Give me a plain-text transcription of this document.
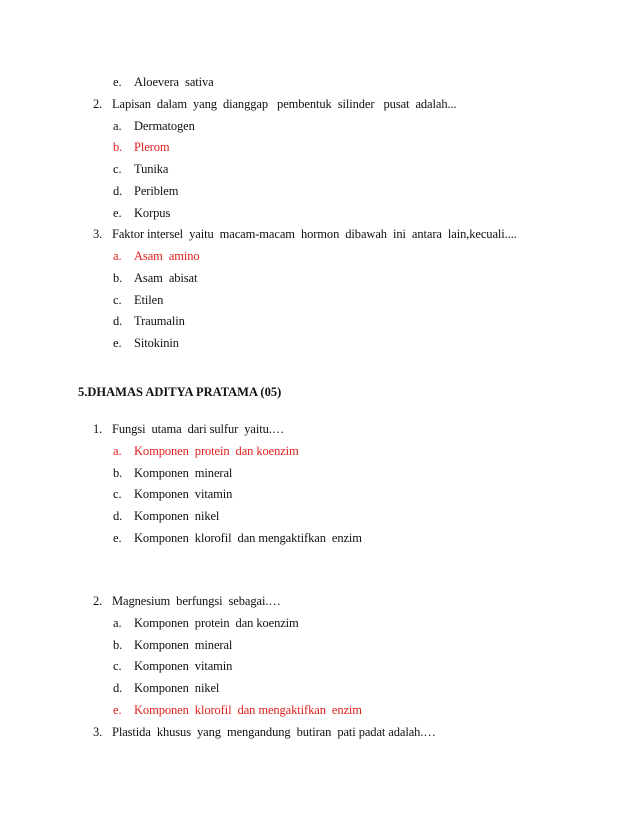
e. Aloevera  sativa
2. Lapisan  dalam  yang  dianggap   pembentuk  silinder   pusat  adalah...
a. Dermatogen
b. Plerom
c. Tunika
d. Periblem
e. Korpus
3. Faktor intersel  yaitu  macam-macam  hormon  dibawah  ini  antara  lain,kecuali....
a. Asam  amino
b. Asam  abisat
c. Etilen
d. Traumalin
e. Sitokinin
5.DHAMAS ADITYA PRATAMA (05)
1. Fungsi  utama  dari sulfur  yaitu.…
a. Komponen  protein  dan koenzim
b. Komponen  mineral
c. Komponen  vitamin
d. Komponen  nikel
e. Komponen  klorofil  dan mengaktifkan  enzim
2. Magnesium  berfungsi  sebagai.…
a. Komponen  protein  dan koenzim
b. Komponen  mineral
c. Komponen  vitamin
d. Komponen  nikel
e. Komponen  klorofil  dan mengaktifkan  enzim
3. Plastida  khusus  yang  mengandung  butiran  pati padat adalah.…
